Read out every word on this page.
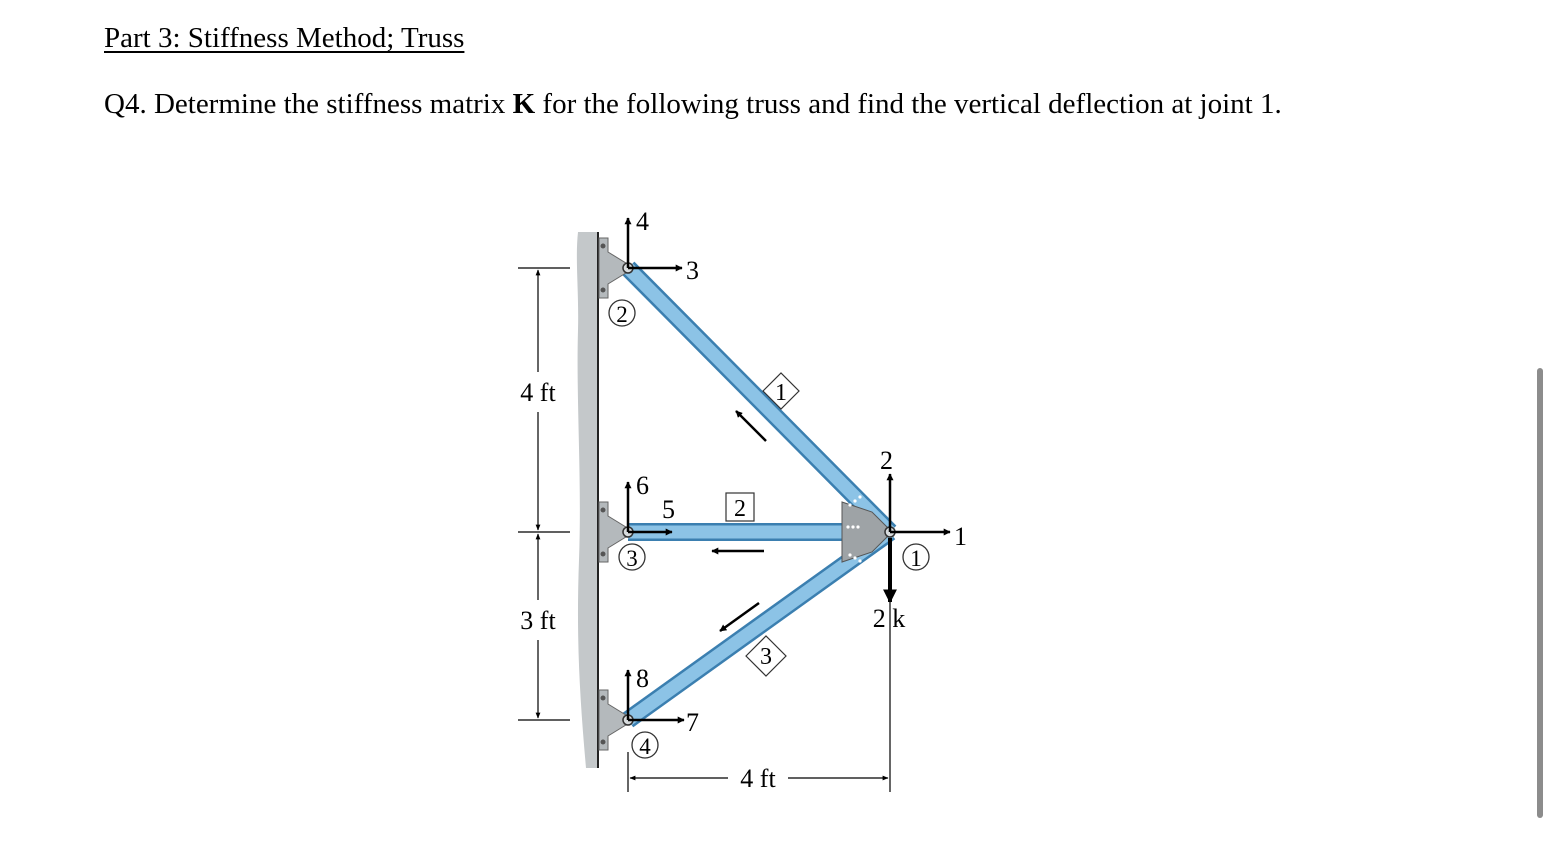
Part 3: Stiffness Method; Truss
Q4. Determine the stiffness matrix K for the following truss and find the vertical deflection at joint 1.
1
2
3
1
2
3
4
1
2
3
4
5
6
7
8
4 ft
3 ft
4 ft
2 k
